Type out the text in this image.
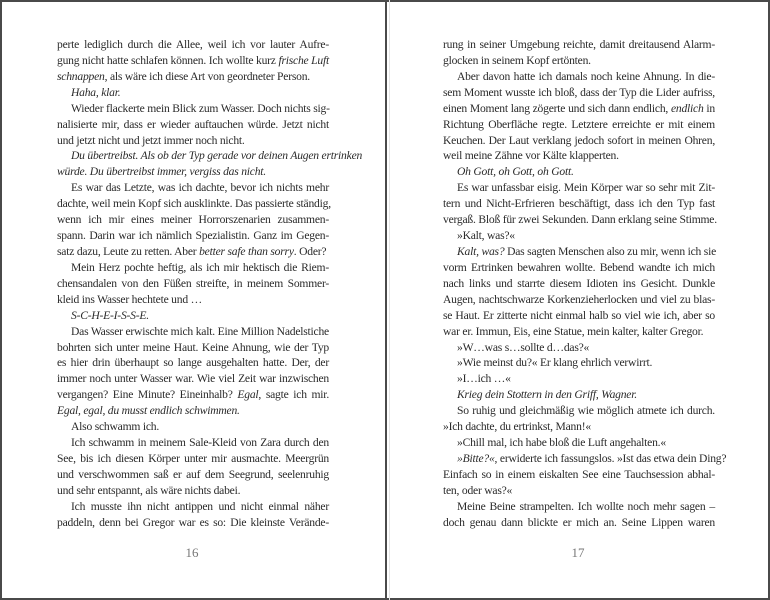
perte lediglich durch die Allee, weil ich vor lauter Aufre-
gung nicht hatte schlafen können. Ich wollte kurz frische Luft
schnappen, als wäre ich diese Art von geordneter Person.
Haha, klar.
Wieder flackerte mein Blick zum Wasser. Doch nichts sig-
nalisierte mir, dass er wieder auftauchen würde. Jetzt nicht
und jetzt nicht und jetzt immer noch nicht.
Du übertreibst. Als ob der Typ gerade vor deinen Augen ertrinken
würde. Du übertreibst immer, vergiss das nicht.
Es war das Letzte, was ich dachte, bevor ich nichts mehr
dachte, weil mein Kopf sich ausklinkte. Das passierte ständig,
wenn ich mir eines meiner Horrorszenarien zusammen-
spann. Darin war ich nämlich Spezialistin. Ganz im Gegen-
satz dazu, Leute zu retten. Aber better safe than sorry. Oder?
Mein Herz pochte heftig, als ich mir hektisch die Riem-
chensandalen von den Füßen streifte, in meinem Sommer-
kleid ins Wasser hechtete und …
S-C-H-E-I-S-S-E.
Das Wasser erwischte mich kalt. Eine Million Nadelstiche
bohrten sich unter meine Haut. Keine Ahnung, wie der Typ
es hier drin überhaupt so lange ausgehalten hatte. Der, der
immer noch unter Wasser war. Wie viel Zeit war inzwischen
vergangen? Eine Minute? Eineinhalb? Egal, sagte ich mir.
Egal, egal, du musst endlich schwimmen.
Also schwamm ich.
Ich schwamm in meinem Sale-Kleid von Zara durch den
See, bis ich diesen Körper unter mir ausmachte. Meergrün
und verschwommen saß er auf dem Seegrund, seelenruhig
und sehr entspannt, als wäre nichts dabei.
Ich musste ihn nicht antippen und nicht einmal näher
paddeln, denn bei Gregor war es so: Die kleinste Verände-
rung in seiner Umgebung reichte, damit dreitausend Alarm-
glocken in seinem Kopf ertönten.
Aber davon hatte ich damals noch keine Ahnung. In die-
sem Moment wusste ich bloß, dass der Typ die Lider aufriss,
einen Moment lang zögerte und sich dann endlich, endlich in
Richtung Oberfläche regte. Letztere erreichte er mit einem
Keuchen. Der Laut verklang jedoch sofort in meinen Ohren,
weil meine Zähne vor Kälte klapperten.
Oh Gott, oh Gott, oh Gott.
Es war unfassbar eisig. Mein Körper war so sehr mit Zit-
tern und Nicht-Erfrieren beschäftigt, dass ich den Typ fast
vergaß. Bloß für zwei Sekunden. Dann erklang seine Stimme.
»Kalt, was?«
Kalt, was? Das sagten Menschen also zu mir, wenn ich sie
vorm Ertrinken bewahren wollte. Bebend wandte ich mich
nach links und starrte diesem Idioten ins Gesicht. Dunkle
Augen, nachtschwarze Korkenzieherlocken und viel zu blas-
se Haut. Er zitterte nicht einmal halb so viel wie ich, aber so
war er. Immun, Eis, eine Statue, mein kalter, kalter Gregor.
»W…was s…sollte d…das?«
»Wie meinst du?« Er klang ehrlich verwirrt.
»I…ich …«
Krieg dein Stottern in den Griff, Wagner.
So ruhig und gleichmäßig wie möglich atmete ich durch.
»Ich dachte, du ertrinkst, Mann!«
»Chill mal, ich habe bloß die Luft angehalten.«
»Bitte?«, erwiderte ich fassungslos. »Ist das etwa dein Ding?
Einfach so in einem eiskalten See eine Tauchsession abhal-
ten, oder was?«
Meine Beine strampelten. Ich wollte noch mehr sagen –
doch genau dann blickte er mich an. Seine Lippen waren
16	17
